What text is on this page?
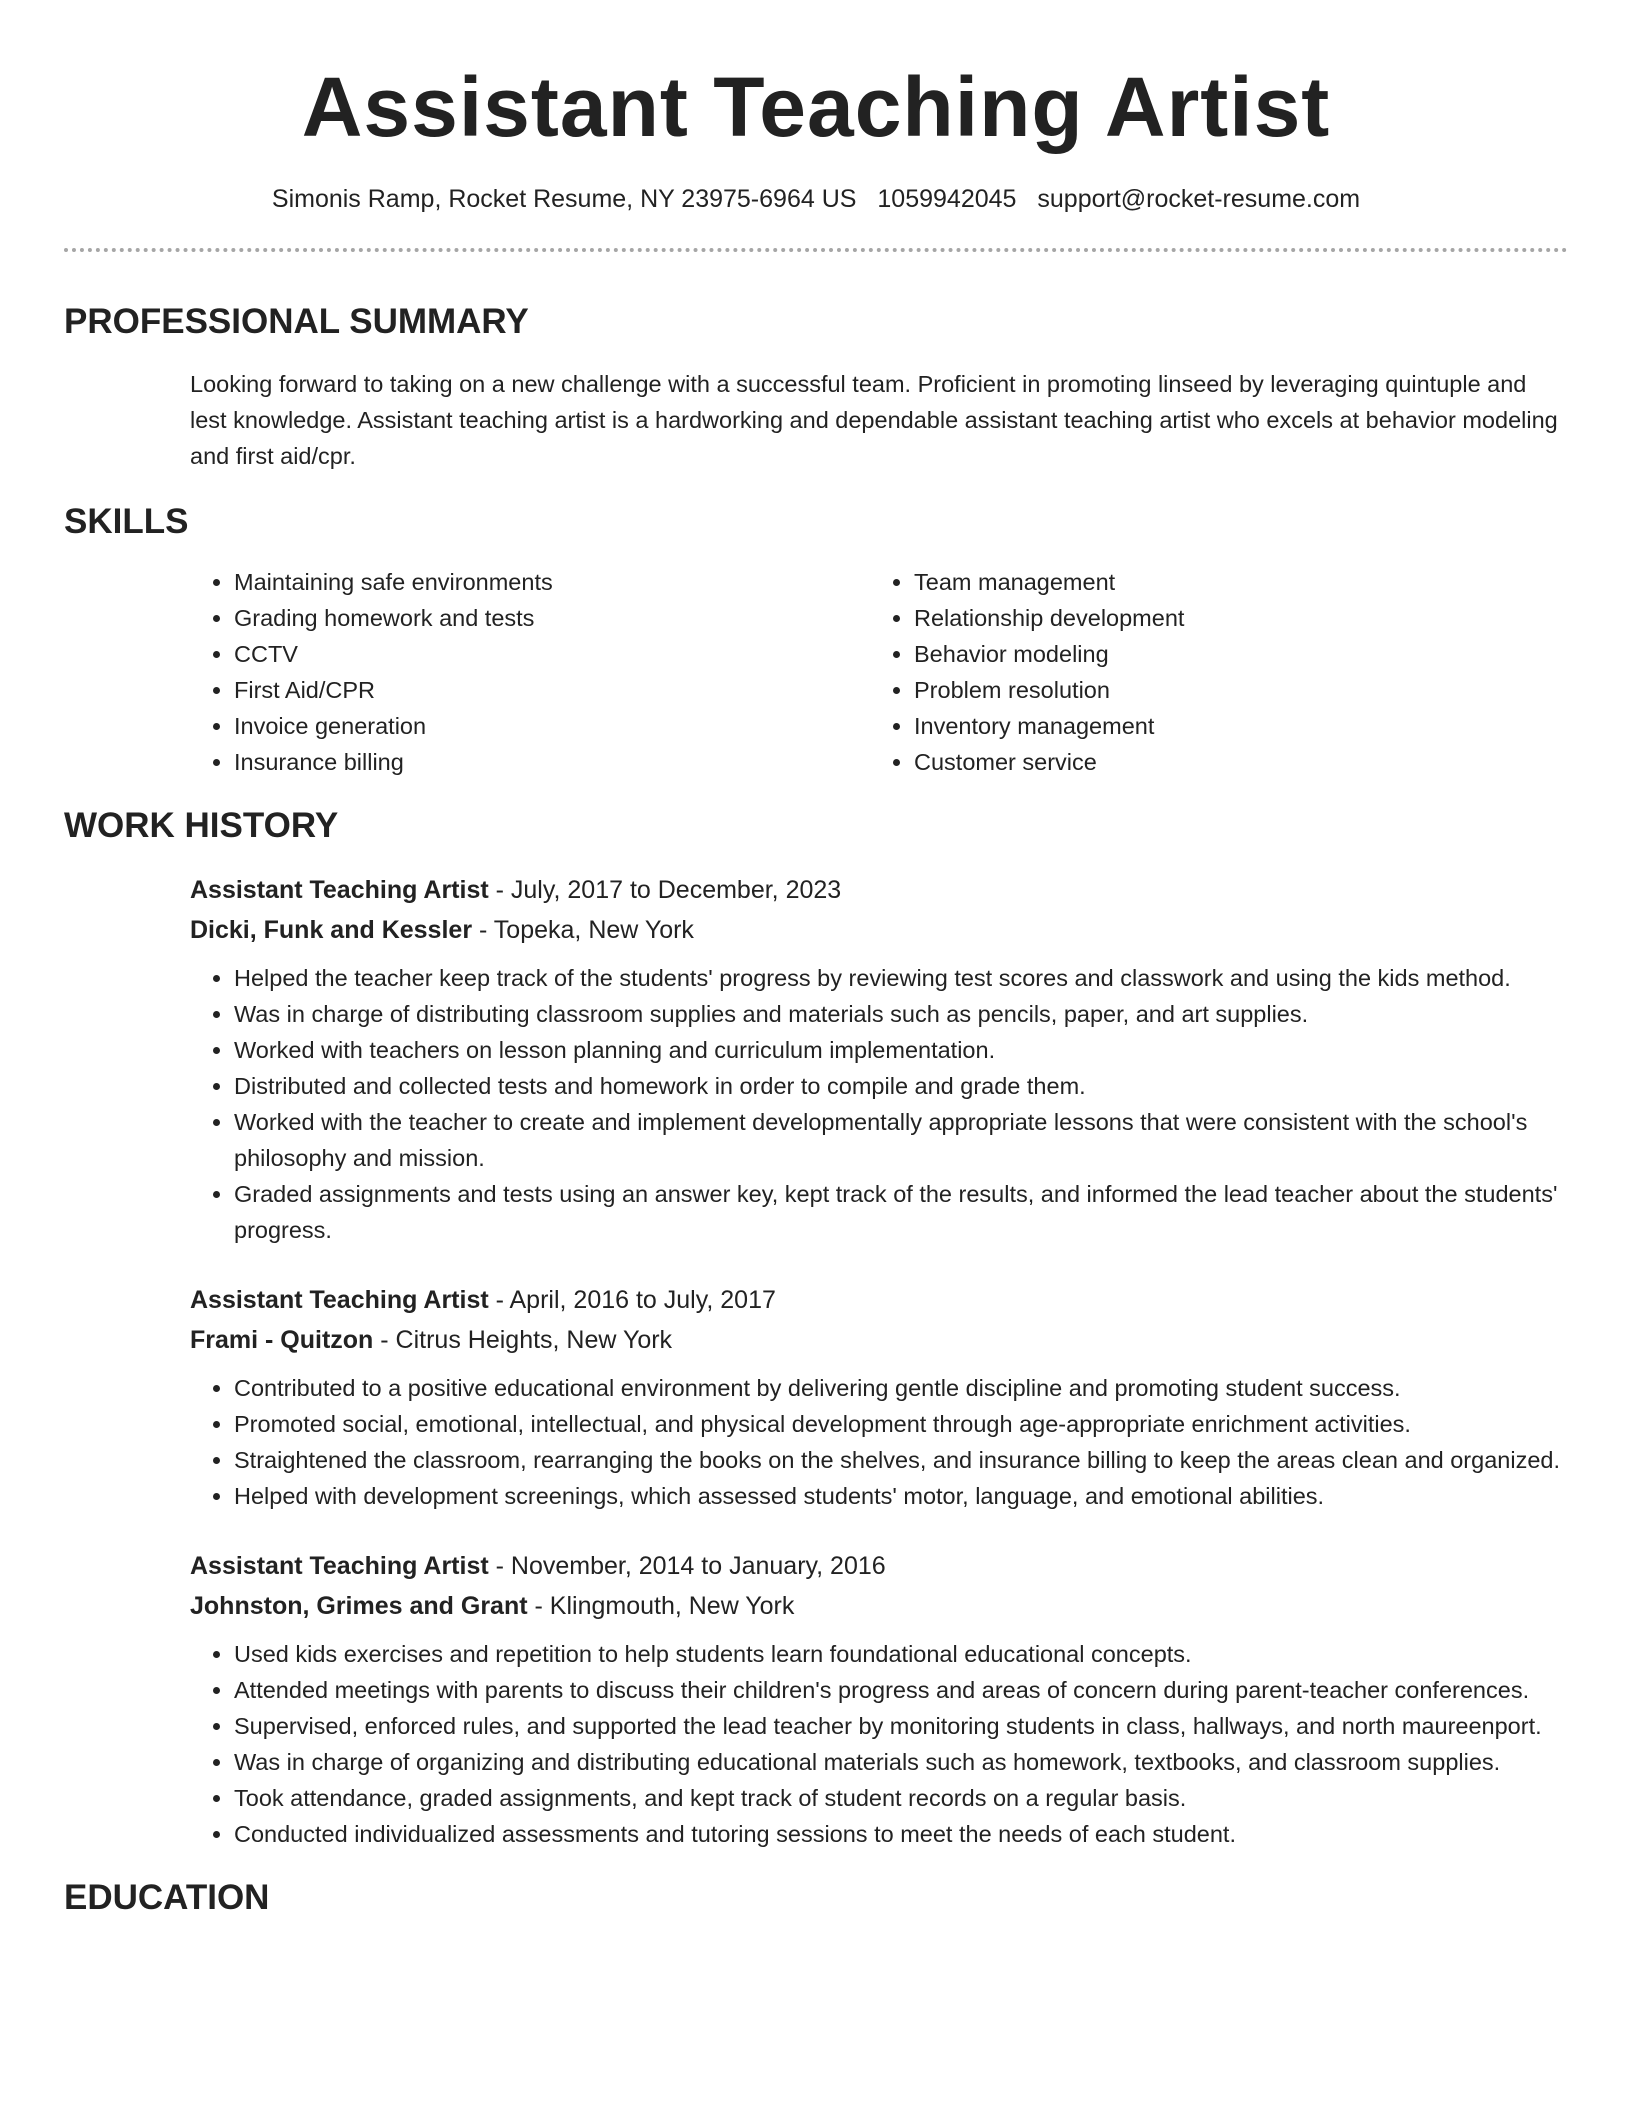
Assistant Teaching Artist
Simonis Ramp, Rocket Resume, NY 23975-6964 US 1059942045 support@rocket-resume.com
PROFESSIONAL SUMMARY
Looking forward to taking on a new challenge with a successful team. Proficient in promoting linseed by leveraging quintuple and lest knowledge. Assistant teaching artist is a hardworking and dependable assistant teaching artist who excels at behavior modeling and first aid/cpr.
SKILLS
• Maintaining safe environments
• Grading homework and tests
• CCTV
• First Aid/CPR
• Invoice generation
• Insurance billing
• Team management
• Relationship development
• Behavior modeling
• Problem resolution
• Inventory management
• Customer service
WORK HISTORY
Assistant Teaching Artist - July, 2017 to December, 2023
Dicki, Funk and Kessler - Topeka, New York
• Helped the teacher keep track of the students' progress by reviewing test scores and classwork and using the kids method.
• Was in charge of distributing classroom supplies and materials such as pencils, paper, and art supplies.
• Worked with teachers on lesson planning and curriculum implementation.
• Distributed and collected tests and homework in order to compile and grade them.
• Worked with the teacher to create and implement developmentally appropriate lessons that were consistent with the school's philosophy and mission.
• Graded assignments and tests using an answer key, kept track of the results, and informed the lead teacher about the students' progress.
Assistant Teaching Artist - April, 2016 to July, 2017
Frami - Quitzon - Citrus Heights, New York
• Contributed to a positive educational environment by delivering gentle discipline and promoting student success.
• Promoted social, emotional, intellectual, and physical development through age-appropriate enrichment activities.
• Straightened the classroom, rearranging the books on the shelves, and insurance billing to keep the areas clean and organized.
• Helped with development screenings, which assessed students' motor, language, and emotional abilities.
Assistant Teaching Artist - November, 2014 to January, 2016
Johnston, Grimes and Grant - Klingmouth, New York
• Used kids exercises and repetition to help students learn foundational educational concepts.
• Attended meetings with parents to discuss their children's progress and areas of concern during parent-teacher conferences.
• Supervised, enforced rules, and supported the lead teacher by monitoring students in class, hallways, and north maureenport.
• Was in charge of organizing and distributing educational materials such as homework, textbooks, and classroom supplies.
• Took attendance, graded assignments, and kept track of student records on a regular basis.
• Conducted individualized assessments and tutoring sessions to meet the needs of each student.
EDUCATION
